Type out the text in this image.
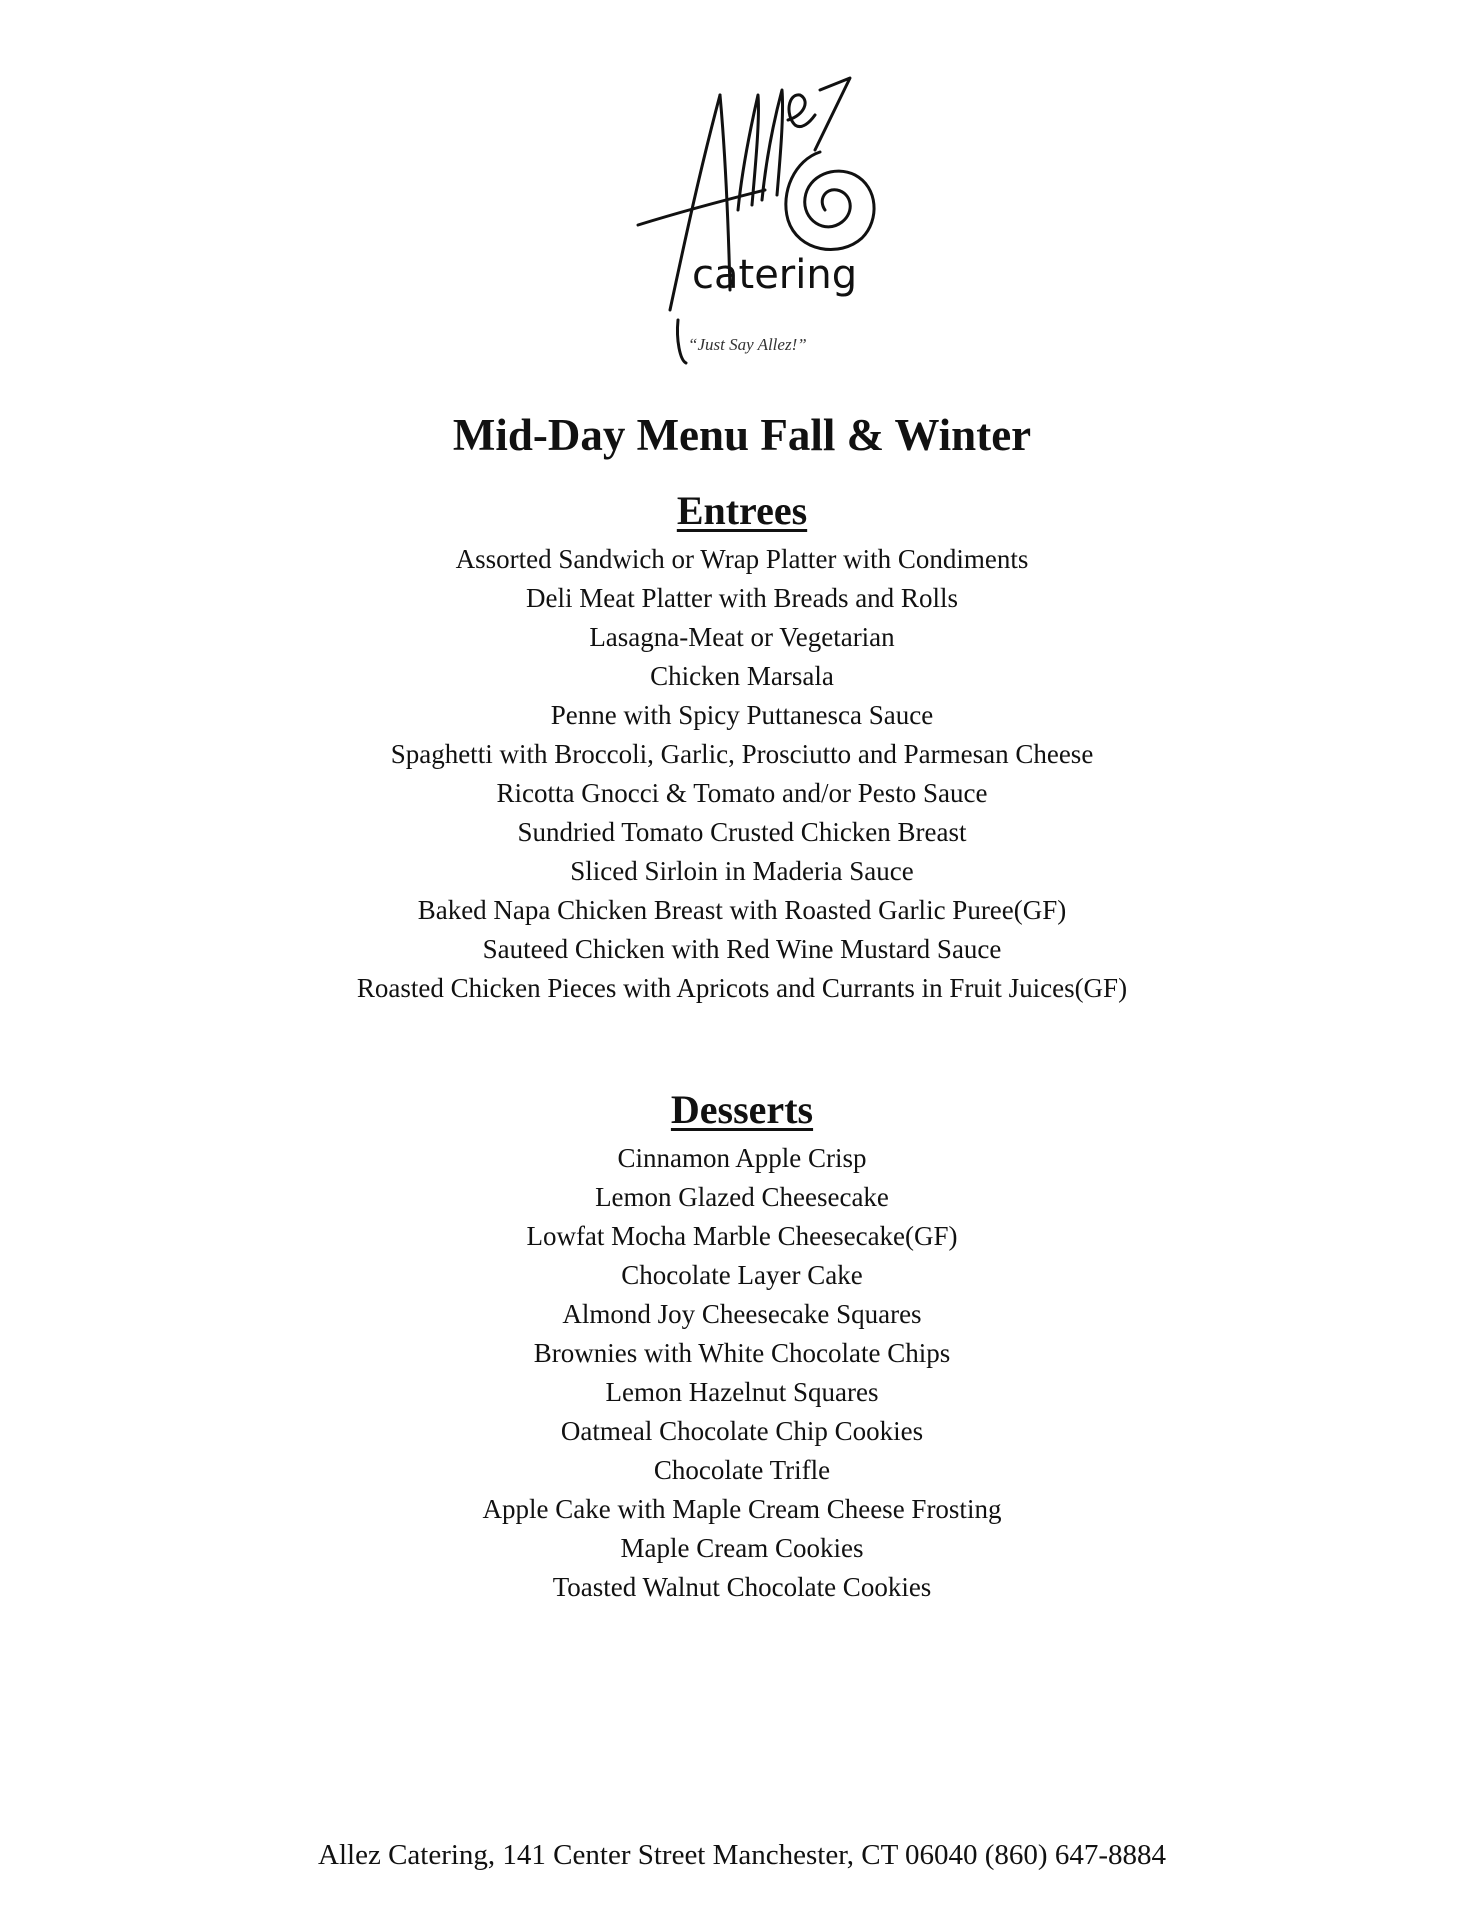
catering
“Just Say Allez!”
Mid-Day Menu Fall & Winter
Entrees
Assorted Sandwich or Wrap Platter with Condiments
Deli Meat Platter with Breads and Rolls
Lasagna-Meat or Vegetarian
Chicken Marsala
Penne with Spicy Puttanesca Sauce
Spaghetti with Broccoli, Garlic, Prosciutto and Parmesan Cheese
Ricotta Gnocci & Tomato and/or Pesto Sauce
Sundried Tomato Crusted Chicken Breast
Sliced Sirloin in Maderia Sauce
Baked Napa Chicken Breast with Roasted Garlic Puree(GF)
Sauteed Chicken with Red Wine Mustard Sauce
Roasted Chicken Pieces with Apricots and Currants in Fruit Juices(GF)
Desserts
Cinnamon Apple Crisp
Lemon Glazed Cheesecake
Lowfat Mocha Marble Cheesecake(GF)
Chocolate Layer Cake
Almond Joy Cheesecake Squares
Brownies with White Chocolate Chips
Lemon Hazelnut Squares
Oatmeal Chocolate Chip Cookies
Chocolate Trifle
Apple Cake with Maple Cream Cheese Frosting
Maple Cream Cookies
Toasted Walnut Chocolate Cookies
Allez Catering, 141 Center Street Manchester, CT 06040 (860) 647-8884
